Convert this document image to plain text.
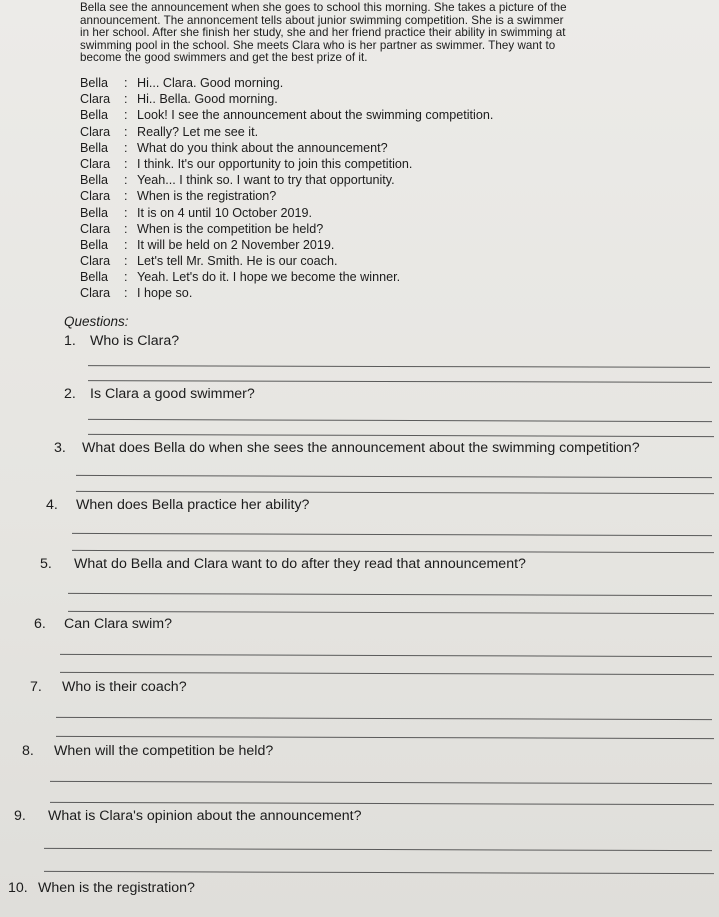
Bella see the announcement when she goes to school this morning. She takes a picture of the
announcement. The annoncement tells about junior swimming competition. She is a swimmer
in her school. After she finish her study, she and her friend practice their ability in swimming at
swimming pool in the school. She meets Clara who is her partner as swimmer. They want to
become the good swimmers and get the best prize of it.
Bella	: Hi... Clara. Good morning.
Clara	: Hi.. Bella. Good morning.
Bella	: Look! I see the announcement about the swimming competition.
Clara	: Really? Let me see it.
Bella	: What do you think about the announcement?
Clara	: I think. It's our opportunity to join this competition.
Bella	: Yeah... I think so. I want to try that opportunity.
Clara	: When is the registration?
Bella	: It is on 4 until 10 October 2019.
Clara	: When is the competition be held?
Bella	: It will be held on 2 November 2019.
Clara	: Let's tell Mr. Smith. He is our coach.
Bella	: Yeah. Let's do it. I hope we become the winner.
Clara	: I hope so.
Questions:
1. Who is Clara?
2. Is Clara a good swimmer?
3. What does Bella do when she sees the announcement about the swimming competition?
4. When does Bella practice her ability?
5. What do Bella and Clara want to do after they read that announcement?
6. Can Clara swim?
7. Who is their coach?
8. When will the competition be held?
9. What is Clara's opinion about the announcement?
10. When is the registration?
